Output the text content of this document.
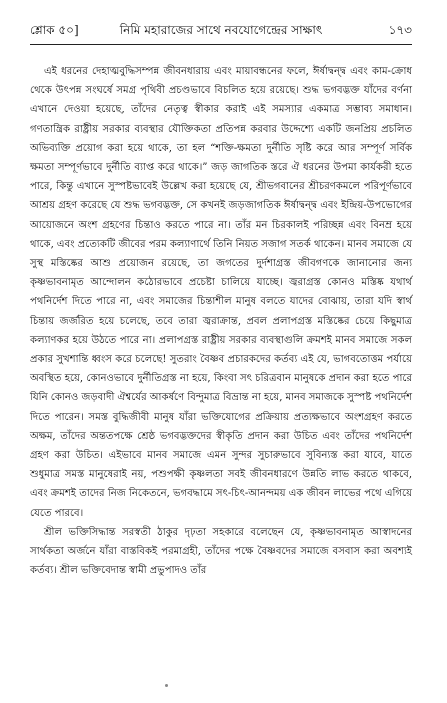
নিমি মহারাজের সাথে নবযোগেন্দ্রের সাক্ষাৎ
শ্লোক ৫০]	১৭৩

এই ধরনের দেহাত্মবুদ্ধিসম্পন্ন জীবনধারায় এবং মায়াবন্ধনের ফলে, ঈর্ষাদ্বন্দ্ব এবং কাম-ক্রোধ থেকে উৎপন্ন সংঘর্ষে সমগ্র পৃথিবী প্রচণ্ডভাবে বিচলিত হয়ে রয়েছে। শুদ্ধ ভগবদ্ভক্ত যাঁদের বর্ণনা এখানে দেওয়া হয়েছে, তাঁদের নেতৃত্ব স্বীকার করাই এই সমস্যার একমাত্র সম্ভাব্য সমাধান। গণতান্ত্রিক রাষ্ট্রীয় সরকার ব্যবস্থার যৌক্তিকতা প্রতিপন্ন করবার উদ্দেশ্যে একটি জনপ্রিয় প্রচলিত অভিব্যক্তি প্রয়োগ করা হয়ে থাকে, তা হল “শক্তি-ক্ষমতা দুর্নীতি সৃষ্টি করে আর সম্পূর্ণ সর্বিক ক্ষমতা সম্পূর্ণভাবে দুর্নীতি ব্যাপ্ত করে থাকে।” জড় জাগতিক স্তরে ঐ ধরনের উপমা কার্যকরী হতে পারে, কিন্তু এখানে সুস্পষ্টভাবেই উল্লেখ করা হয়েছে যে, শ্রীভগবানের শ্রীচরণকমলে পরিপূর্ণভাবে আশ্রয় গ্রহণ করেছে যে শুদ্ধ ভগবদ্ভক্ত, সে কখনই জড়জাগতিক ঈর্ষাদ্বন্দ্ব এবং ইন্দ্রিয়-উপভোগের আয়োজনে অংশ গ্রহণের চিন্তাও করতে পারে না। তাঁর মন চিরকালই পরিচ্ছন্ন এবং বিনম্র হয়ে থাকে, এবং প্রত্যেকটি জীবের পরম কল্যাণার্থে তিনি নিয়ত সজাগ সতর্ক থাকেন। মানব সমাজে যে সুস্থ মস্তিষ্কের আশু প্রয়োজন রয়েছে, তা জগতের দুর্দশাগ্রস্ত জীবগণকে জানানোর জন্য কৃষ্ণভাবনামৃত আন্দোলন কঠোরভাবে প্রচেষ্টা চালিয়ে যাচ্ছে। জ্বরাগ্রস্ত কোনও মস্তিষ্ক যথার্থ পথনির্দেশ দিতে পারে না, এবং সমাজের চিন্তাশীল মানুষ বলতে যাদের বোঝায়, তারা যদি স্বার্থ চিন্তায় জর্জরিত হয়ে চলেছে, তবে তারা জ্বরাক্রান্ত, প্রবল প্রলাপগ্রস্ত মস্তিষ্কের চেয়ে কিছুমাত্র কল্যাণকর হয়ে উঠতে পারে না। প্রলাপগ্রস্ত রাষ্ট্রীয় সরকার ব্যবস্থাগুলি ক্রমশই মানব সমাজে সকল প্রকার সুখশান্তি ধ্বংস করে চলেছে! সুতরাং বৈষ্ণব প্রচারকদের কর্তব্য এই যে, ভাগবতোত্তম পর্যায়ে অবস্থিত হয়ে, কোনওভাবে দুর্নীতিগ্রস্ত না হয়ে, কিংবা সৎ চরিত্রবান মানুষকে প্রদান করা হতে পারে যিনি কোনও জড়বাদী ঐশ্বর্যের আকর্ষণে বিন্দুমাত্র বিভ্রান্ত না হয়ে, মানব সমাজকে সুস্পষ্ট পথনির্দেশ দিতে পারেন। সমস্ত বুদ্ধিজীবী মানুষ যাঁরা ভক্তিযোগের প্রক্রিয়ায় প্রত্যক্ষভাবে অংশগ্রহণ করতে অক্ষম, তাঁদের অন্ততপক্ষে শ্রেষ্ঠ ভগবদ্ভক্তদের স্বীকৃতি প্রদান করা উচিত এবং তাঁদের পথনির্দেশ গ্রহণ করা উচিত। এইভাবে মানব সমাজে এমন সুন্দর সুচারুভাবে সুবিন্যস্ত করা যাবে, যাতে শুধুমাত্র সমস্ত মানুষেরাই নয়, পশুপক্ষী কৃষ্ণলতা সবই জীবনধারণে উন্নতি লাভ করতে থাকবে, এবং ক্রমশই তাদের নিজ নিকেতনে, ভগবদ্ধামে সৎ-চিৎ-আনন্দময় এক জীবন লাভের পথে এগিয়ে যেতে পারবে।

শ্রীল ভক্তিসিদ্ধান্ত সরস্বতী ঠাকুর দৃঢ়তা সহকারে বলেছেন যে, কৃষ্ণভাবনামৃত আস্বাদনের সার্থকতা অর্জনে যাঁরা বাস্তবিকই পরমাগ্রহী, তাঁদের পক্ষে বৈষ্ণবদের সমাজে বসবাস করা অবশ্যই কর্তব্য। শ্রীল ভক্তিবেদান্ত স্বামী প্রভুপাদও তাঁর
